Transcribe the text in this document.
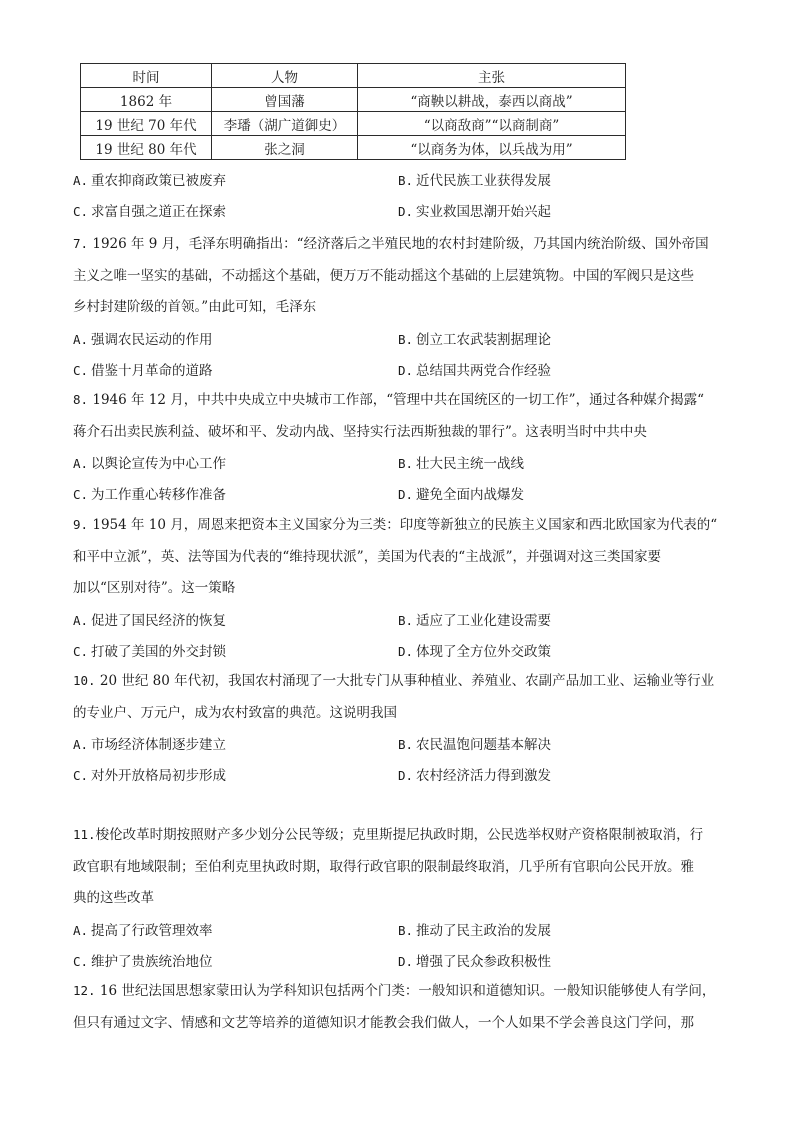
时间	人物	主张
1862 年	曾国藩	“商鞅以耕战，泰西以商战”
19 世纪 70 年代	李璠（湖广道御史）	“以商敌商”“以商制商”
19 世纪 80 年代	张之洞	“以商务为体，以兵战为用”
A. 重农抑商政策已被废弃	B. 近代民族工业获得发展
C. 求富自强之道正在探索	D. 实业救国思潮开始兴起

7. 1926 年 9 月，毛泽东明确指出：“经济落后之半殖民地的农村封建阶级，乃其国内统治阶级、国外帝国

主义之唯一坚实的基础，不动摇这个基础，便万万不能动摇这个基础的上层建筑物。中国的军阀只是这些

乡村封建阶级的首领。”由此可知，毛泽东

A. 强调农民运动的作用	B. 创立工农武装割据理论
C. 借鉴十月革命的道路	D. 总结国共两党合作经验

8. 1946 年 12 月，中共中央成立中央城市工作部，“管理中共在国统区的一切工作”，通过各种媒介揭露“

蒋介石出卖民族利益、破坏和平、发动内战、坚持实行法西斯独裁的罪行”。这表明当时中共中央

A. 以舆论宣传为中心工作	B. 壮大民主统一战线
C. 为工作重心转移作准备	D. 避免全面内战爆发

9. 1954 年 10 月，周恩来把资本主义国家分为三类：印度等新独立的民族主义国家和西北欧国家为代表的“

和平中立派”，英、法等国为代表的“维持现状派”，美国为代表的“主战派”，并强调对这三类国家要

加以“区别对待”。这一策略

A. 促进了国民经济的恢复	B. 适应了工业化建设需要
C. 打破了美国的外交封锁	D. 体现了全方位外交政策

10. 20 世纪 80 年代初，我国农村涌现了一大批专门从事种植业、养殖业、农副产品加工业、运输业等行业

的专业户、万元户，成为农村致富的典范。这说明我国

A. 市场经济体制逐步建立	B. 农民温饱问题基本解决
C. 对外开放格局初步形成	D. 农村经济活力得到激发

11.梭伦改革时期按照财产多少划分公民等级；克里斯提尼执政时期，公民选举权财产资格限制被取消，行

政官职有地域限制；至伯利克里执政时期，取得行政官职的限制最终取消，几乎所有官职向公民开放。雅

典的这些改革

A. 提高了行政管理效率	B. 推动了民主政治的发展
C. 维护了贵族统治地位	D. 增强了民众参政积极性

12. 16 世纪法国思想家蒙田认为学科知识包括两个门类：一般知识和道德知识。一般知识能够使人有学问，

但只有通过文字、情感和文艺等培养的道德知识才能教会我们做人，一个人如果不学会善良这门学问，那
